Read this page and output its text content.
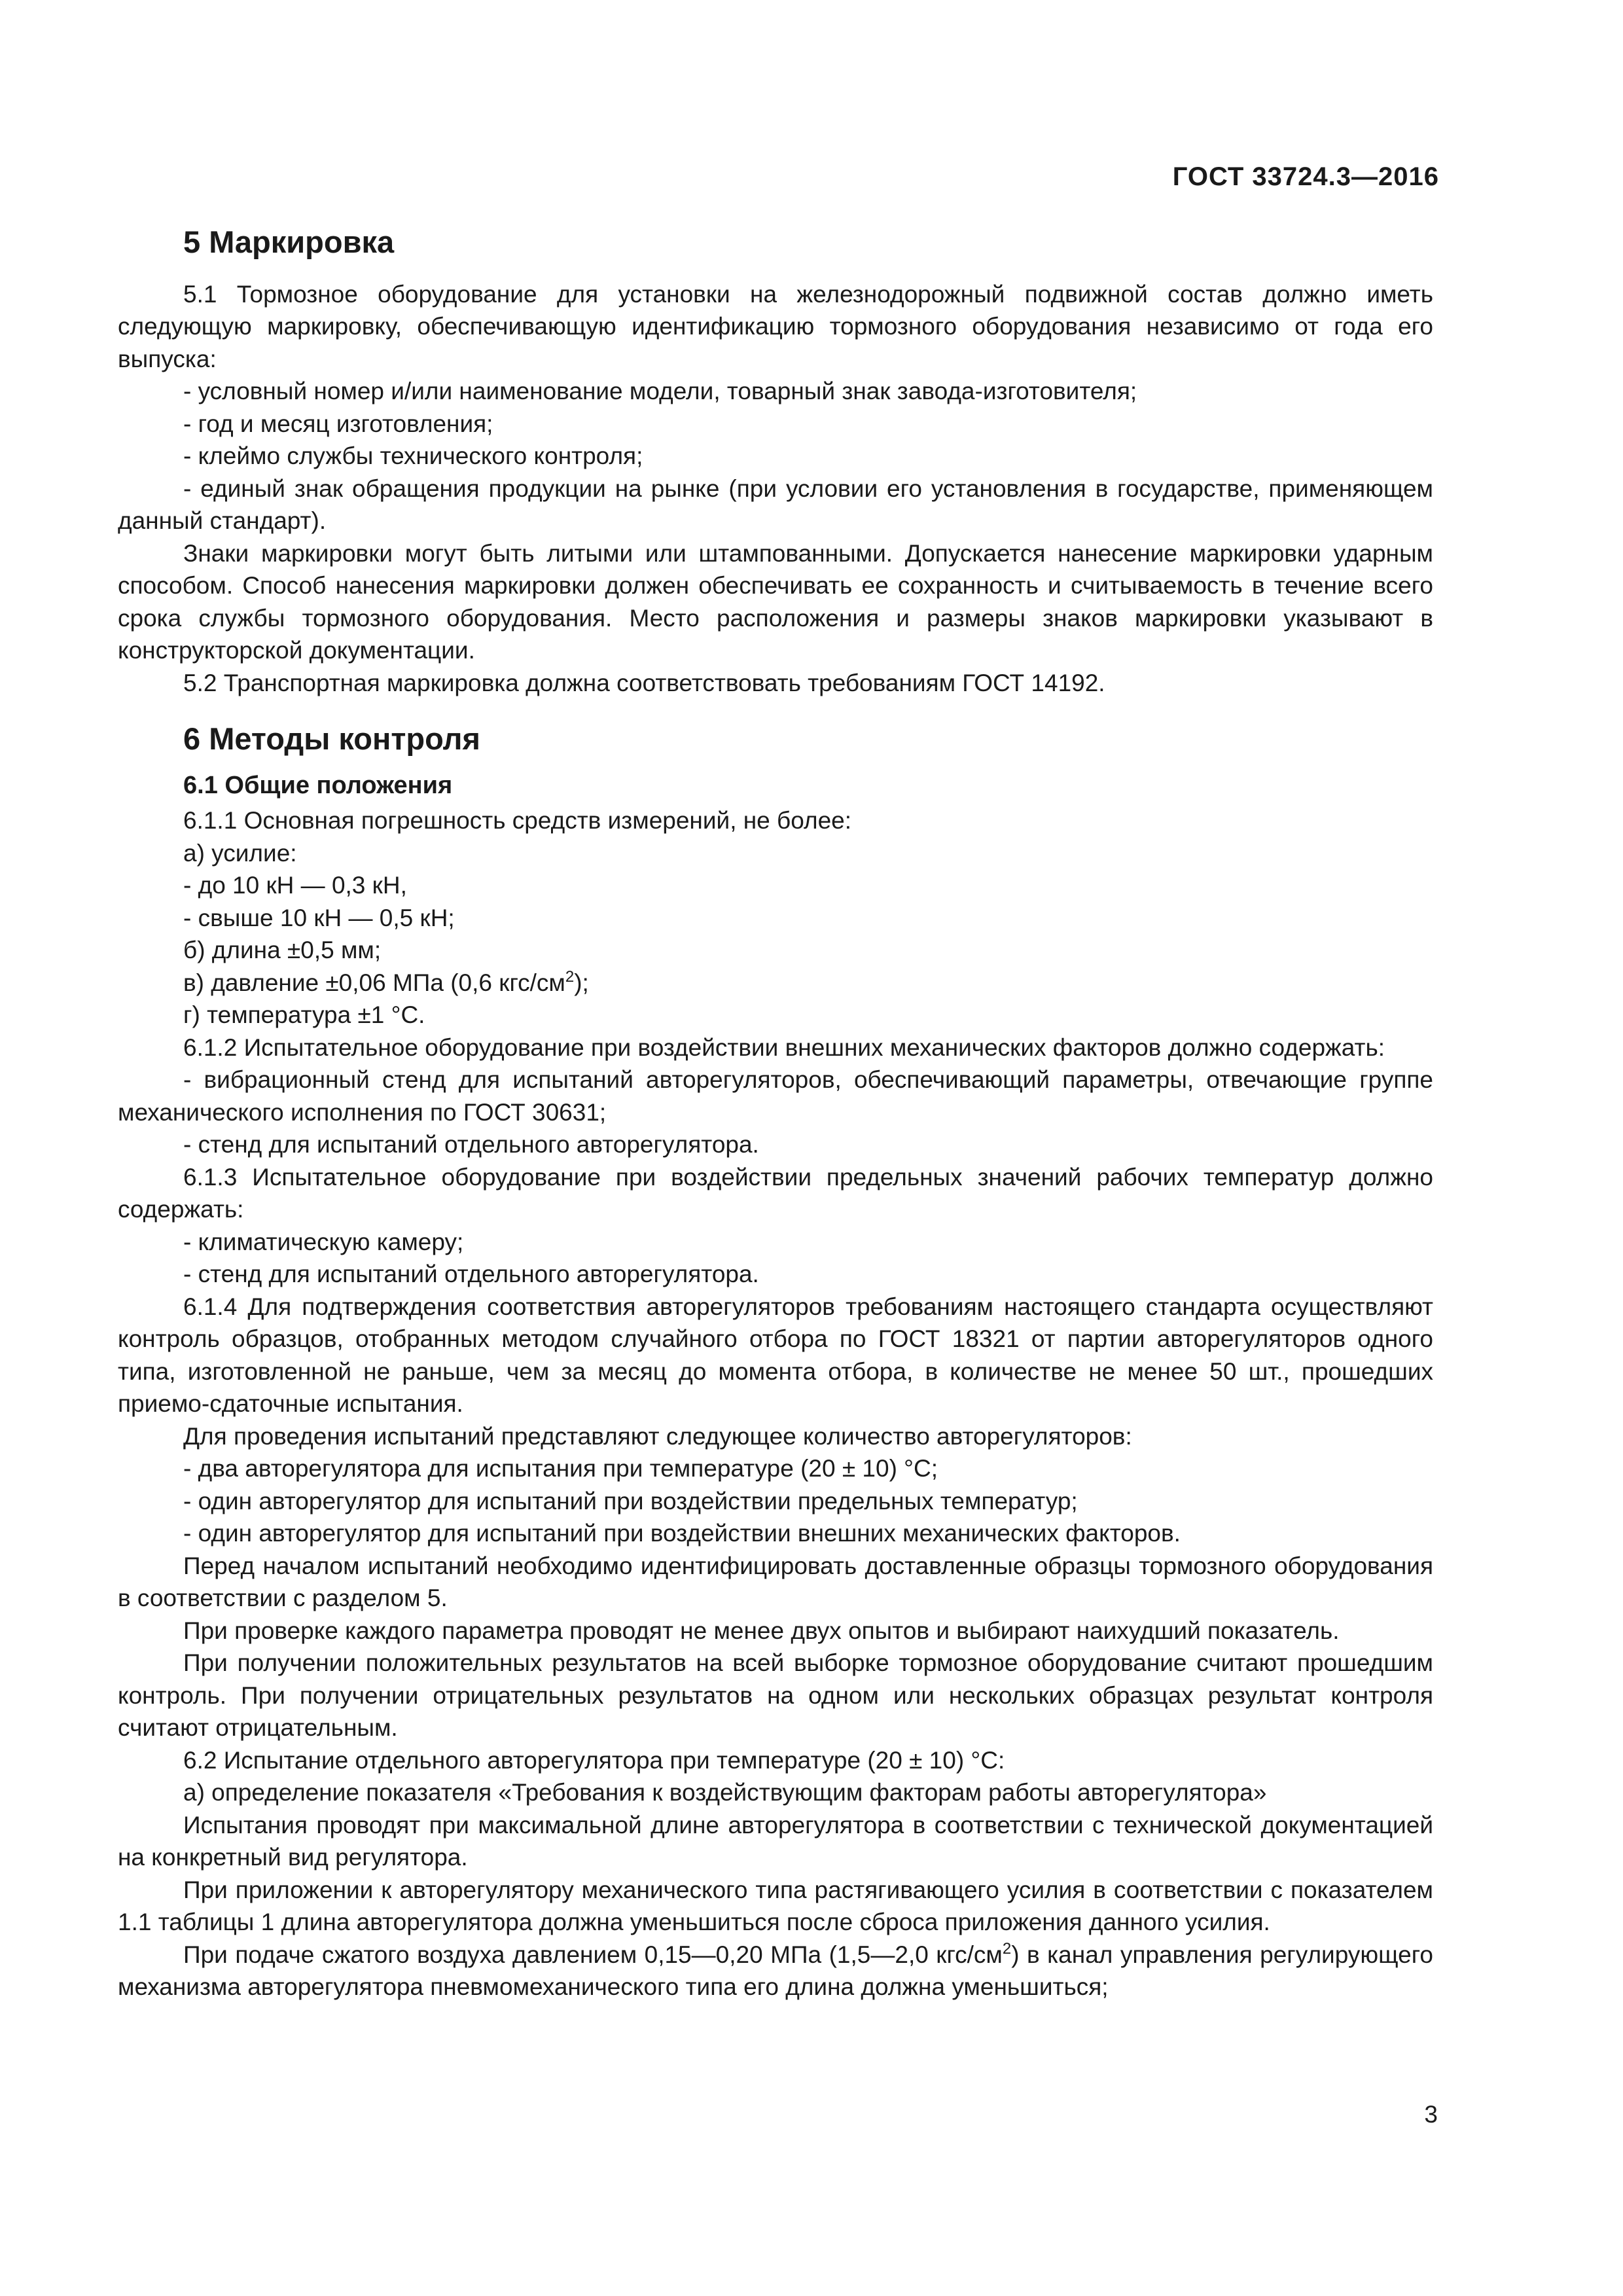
ГОСТ 33724.3—2016
5 Маркировка
5.1 Тормозное оборудование для установки на железнодорожный подвижной состав должно иметь следующую маркировку, обеспечивающую идентификацию тормозного оборудования независимо от года его выпуска:
- условный номер и/или наименование модели, товарный знак завода-изготовителя;
- год и месяц изготовления;
- клеймо службы технического контроля;
- единый знак обращения продукции на рынке (при условии его установления в государстве, применяющем данный стандарт).
Знаки маркировки могут быть литыми или штампованными. Допускается нанесение маркировки ударным способом. Способ нанесения маркировки должен обеспечивать ее сохранность и считываемость в течение всего срока службы тормозного оборудования. Место расположения и размеры знаков маркировки указывают в конструкторской документации.
5.2 Транспортная маркировка должна соответствовать требованиям ГОСТ 14192.
6 Методы контроля
6.1 Общие положения
6.1.1 Основная погрешность средств измерений, не более:
а) усилие:
- до 10 кН — 0,3 кН,
- свыше 10 кН — 0,5 кН;
б) длина ±0,5 мм;
в) давление ±0,06 МПа (0,6 кгс/$см^2$);
г) температура ±1 °С.
6.1.2 Испытательное оборудование при воздействии внешних механических факторов должно содержать:
- вибрационный стенд для испытаний авторегуляторов, обеспечивающий параметры, отвечающие группе механического исполнения по ГОСТ 30631;
- стенд для испытаний отдельного авторегулятора.
6.1.3 Испытательное оборудование при воздействии предельных значений рабочих температур должно содержать:
- климатическую камеру;
- стенд для испытаний отдельного авторегулятора.
6.1.4 Для подтверждения соответствия авторегуляторов требованиям настоящего стандарта осуществляют контроль образцов, отобранных методом случайного отбора по ГОСТ 18321 от партии авторегуляторов одного типа, изготовленной не раньше, чем за месяц до момента отбора, в количестве не менее 50 шт., прошедших приемо-сдаточные испытания.
Для проведения испытаний представляют следующее количество авторегуляторов:
- два авторегулятора для испытания при температуре (20 ± 10) °С;
- один авторегулятор для испытаний при воздействии предельных температур;
- один авторегулятор для испытаний при воздействии внешних механических факторов.
Перед началом испытаний необходимо идентифицировать доставленные образцы тормозного оборудования в соответствии с разделом 5.
При проверке каждого параметра проводят не менее двух опытов и выбирают наихудший показатель.
При получении положительных результатов на всей выборке тормозное оборудование считают прошедшим контроль. При получении отрицательных результатов на одном или нескольких образцах результат контроля считают отрицательным.
6.2 Испытание отдельного авторегулятора при температуре (20 ± 10) °С:
а) определение показателя «Требования к воздействующим факторам работы авторегулятора»
Испытания проводят при максимальной длине авторегулятора в соответствии с технической документацией на конкретный вид регулятора.
При приложении к авторегулятору механического типа растягивающего усилия в соответствии с показателем 1.1 таблицы 1 длина авторегулятора должна уменьшиться после сброса приложения данного усилия.
При подаче сжатого воздуха давлением 0,15—0,20 МПа (1,5—2,0 кгс/$см^2$) в канал управления регулирующего механизма авторегулятора пневмомеханического типа его длина должна уменьшиться;
3
